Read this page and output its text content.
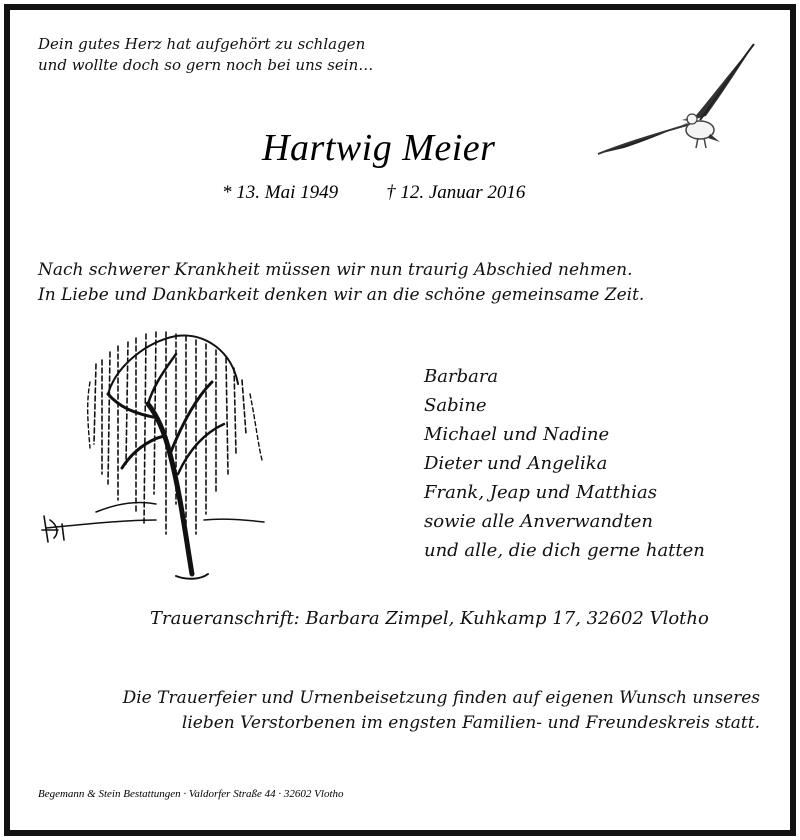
Dein gutes Herz hat aufgehört zu schlagen
und wollte doch so gern noch bei uns sein…
Hartwig Meier
* 13. Mai 1949	† 12. Januar 2016
Nach schwerer Krankheit müssen wir nun traurig Abschied nehmen.
In Liebe und Dankbarkeit denken wir an die schöne gemeinsame Zeit.
Barbara
Sabine
Michael und Nadine
Dieter und Angelika
Frank, Jeap und Matthias
sowie alle Anverwandten
und alle, die dich gerne hatten
Traueranschrift: Barbara Zimpel, Kuhkamp 17, 32602 Vlotho
Die Trauerfeier und Urnenbeisetzung finden auf eigenen Wunsch unseres
lieben Verstorbenen im engsten Familien- und Freundeskreis statt.
Begemann & Stein Bestattungen · Valdorfer Straße 44 · 32602 Vlotho
